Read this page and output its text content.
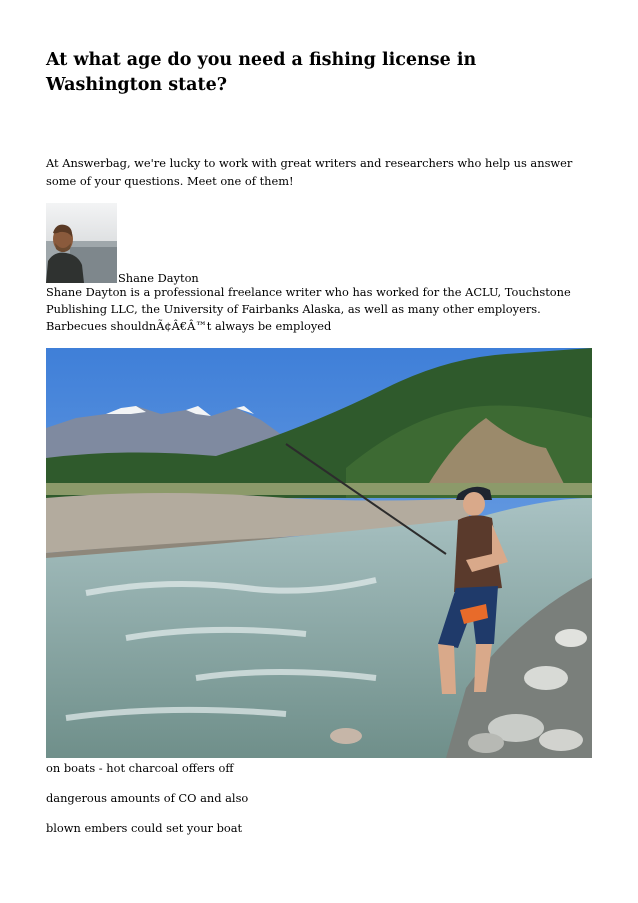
At what age do you need a fishing license in Washington state?

At Answerbag, we're lucky to work with great writers and researchers who help us answer some of your questions. Meet one of them!

Shane Dayton

Shane Dayton is a professional freelance writer who has worked for the ACLU, Touchstone Publishing LLC, the University of Fairbanks Alaska, as well as many other employers. Barbecues shouldnÃ¢Â€Â™t always be employed

on boats - hot charcoal offers off

dangerous amounts of CO and also

blown embers could set your boat
